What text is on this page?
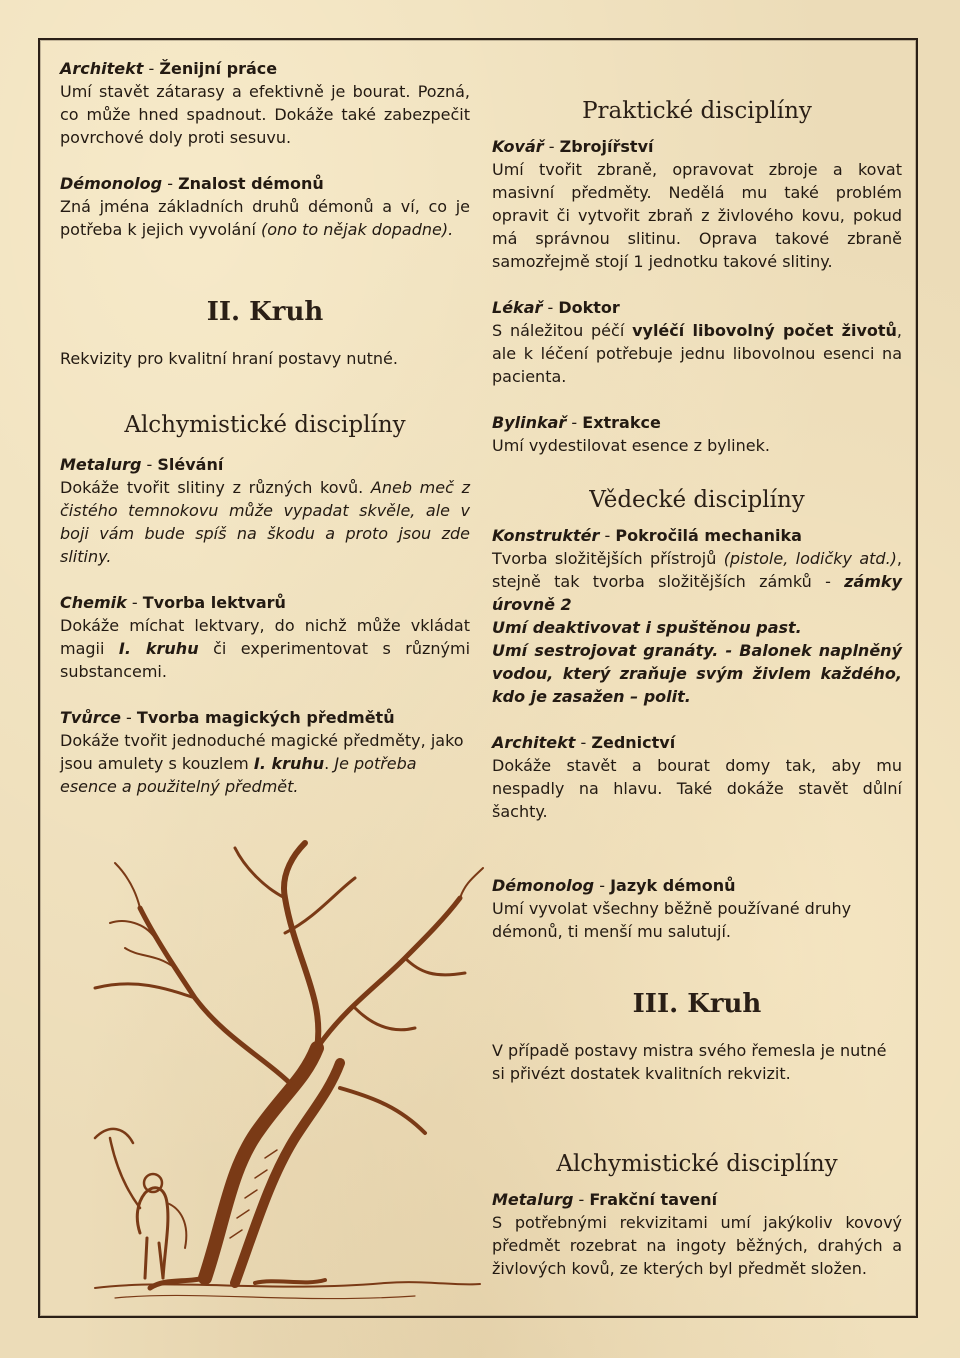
Architekt - Ženijní práce

Umí stavět zátarasy a efektivně je bourat. Pozná, co může hned spadnout. Dokáže také zabezpečit povrchové doly proti sesuvu.

Démonolog - Znalost démonů

Zná jména základních druhů démonů a ví, co je potřeba k jejich vyvolání (ono to nějak dopadne).

II. Kruh

Rekvizity pro kvalitní hraní postavy nutné.

Alchymistické disciplíny
Metalurg - Slévání

Dokáže tvořit slitiny z různých kovů. Aneb meč z čistého temnokovu může vypadat skvěle, ale v boji vám bude spíš na škodu a proto jsou zde slitiny.

Chemik - Tvorba lektvarů

Dokáže míchat lektvary, do nichž může vkládat magii I. kruhu či experimentovat s různými substancemi.

Tvůrce - Tvorba magických předmětů

Dokáže tvořit jednoduché magické předměty, jako jsou amulety s kouzlem I. kruhu. Je potřeba esence a použitelný předmět.

Praktické disciplíny
Kovář - Zbrojířství

Umí tvořit zbraně, opravovat zbroje a kovat masivní předměty. Nedělá mu také problém opravit či vytvořit zbraň z živlového kovu, pokud má správnou slitinu. Oprava takové zbraně samozřejmě stojí 1 jednotku takové slitiny.

Lékař - Doktor

S náležitou péčí vyléčí libovolný počet životů, ale k léčení potřebuje jednu libovolnou esenci na pacienta.

Bylinkař - Extrakce

Umí vydestilovat esence z bylinek.

Vědecké disciplíny
Konstruktér - Pokročilá mechanika

Tvorba složitějších přístrojů (pistole, lodičky atd.), stejně tak tvorba složitějších zámků - zámky úrovně 2

Umí deaktivovat i spuštěnou past.

Umí sestrojovat granáty. - Balonek naplněný vodou, který zraňuje svým živlem každého, kdo je zasažen – polit.

Architekt - Zednictví

Dokáže stavět a bourat domy tak, aby mu nespadly na hlavu. Také dokáže stavět důlní šachty.

Démonolog - Jazyk démonů

Umí vyvolat všechny běžně používané druhy démonů, ti menší mu salutují.

III. Kruh

V případě postavy mistra svého řemesla je nutné si přivézt dostatek kvalitních rekvizit.

Alchymistické disciplíny
Metalurg - Frakční tavení

S potřebnými rekvizitami umí jakýkoliv kovový předmět rozebrat na ingoty běžných, drahých a živlových kovů, ze kterých byl předmět složen.
